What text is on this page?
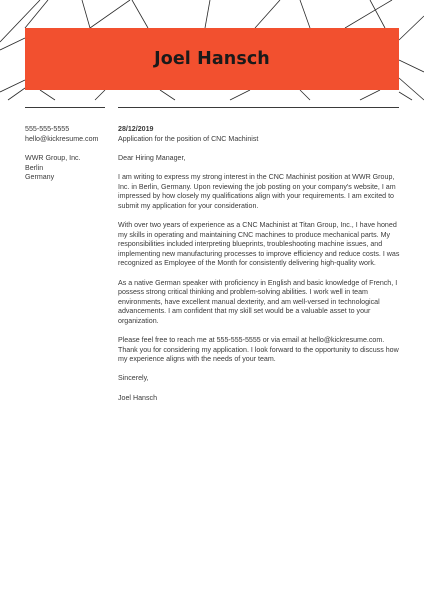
Joel Hansch
555-555-5555
hello@kickresume.com
WWR Group, Inc.
Berlin
Germany
28/12/2019
Application for the position of CNC Machinist
Dear Hiring Manager,
I am writing to express my strong interest in the CNC Machinist position at WWR Group, Inc. in Berlin, Germany. Upon reviewing the job posting on your company's website, I am impressed by how closely my qualifications align with your requirements. I am excited to submit my application for your consideration.
With over two years of experience as a CNC Machinist at Titan Group, Inc., I have honed my skills in operating and maintaining CNC machines to produce mechanical parts. My responsibilities included interpreting blueprints, troubleshooting machine issues, and implementing new manufacturing processes to improve efficiency and reduce costs. I was recognized as Employee of the Month for consistently delivering high-quality work.
As a native German speaker with proficiency in English and basic knowledge of French, I possess strong critical thinking and problem-solving abilities. I work well in team environments, have excellent manual dexterity, and am well-versed in technological advancements. I am confident that my skill set would be a valuable asset to your organization.
Please feel free to reach me at 555-555-5555 or via email at hello@kickresume.com. Thank you for considering my application. I look forward to the opportunity to discuss how my experience aligns with the needs of your team.
Sincerely,
Joel Hansch
